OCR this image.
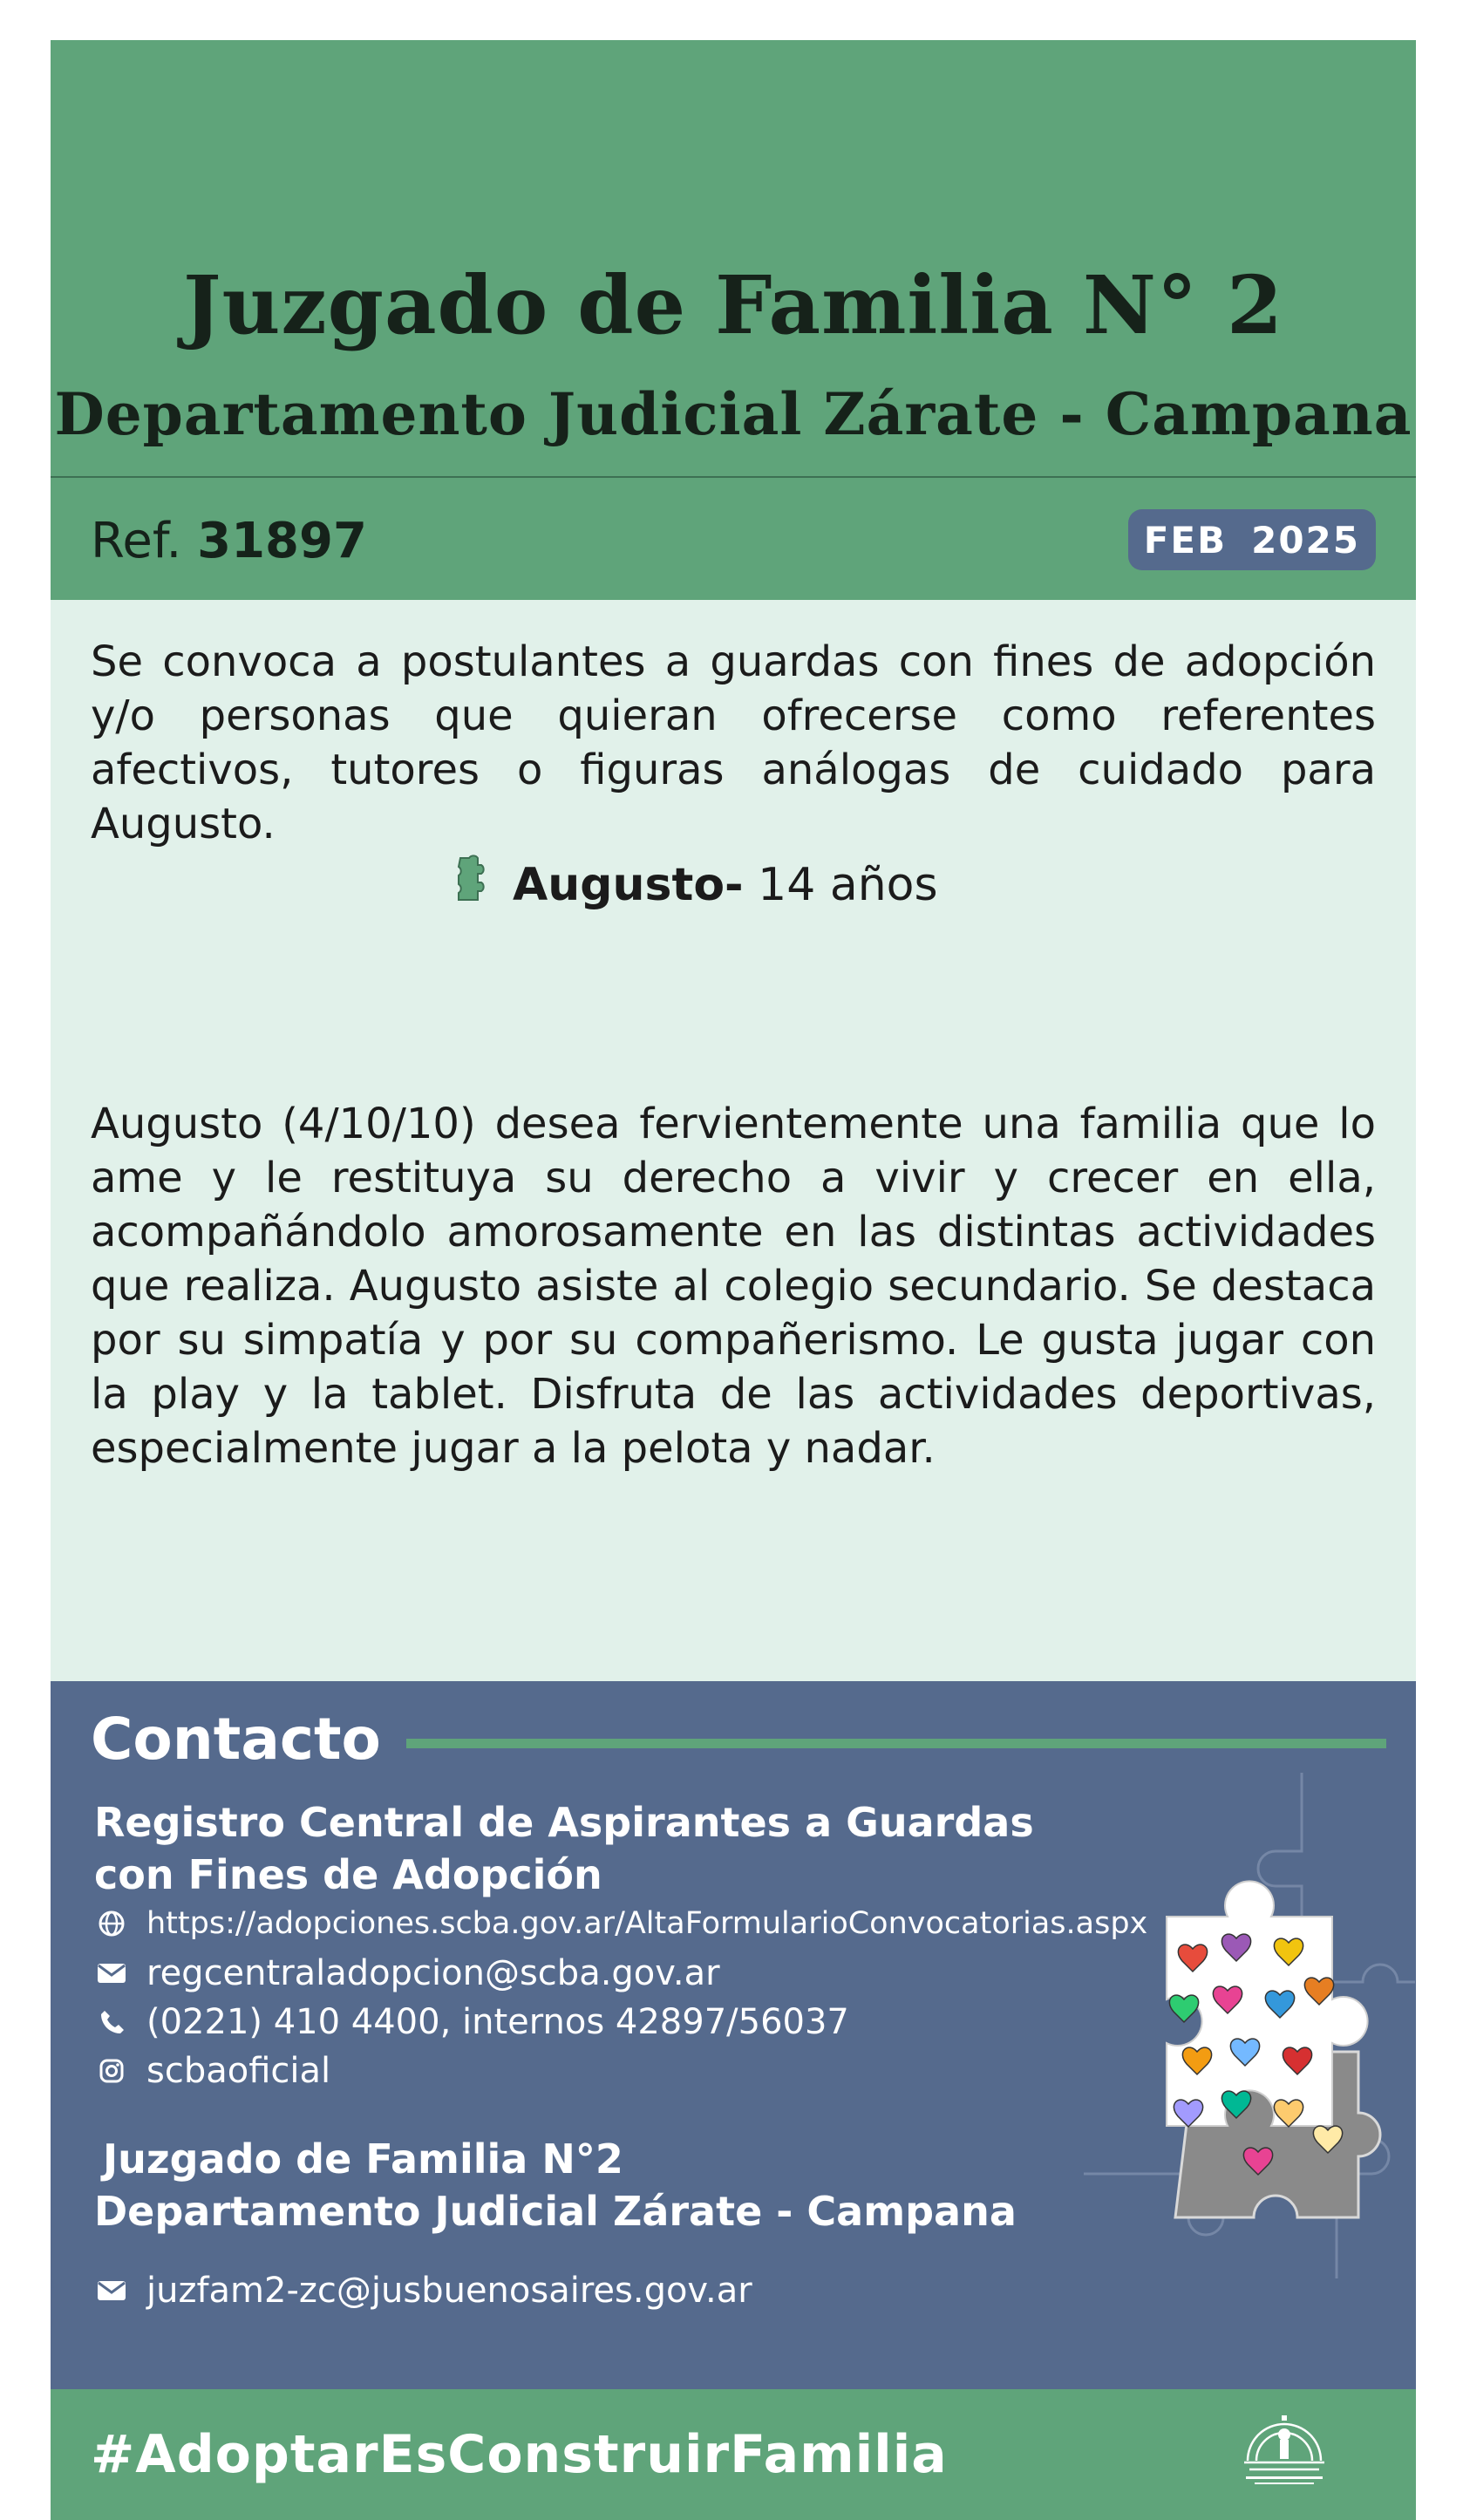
Juzgado de Familia N° 2
Departamento Judicial Zárate - Campana
Ref. 31897	FEB 2025
Se convoca a postulantes a guardas con fines de adopción y/o personas que quieran ofrecerse como referentes afectivos, tutores o figuras análogas de cuidado para Augusto.
Augusto- 14 años
Augusto (4/10/10) desea fervientemente una familia que lo ame y le restituya su derecho a vivir y crecer en ella, acompañándolo amorosamente en las distintas actividades que realiza. Augusto asiste al colegio secundario. Se destaca por su simpatía y por su compañerismo. Le gusta jugar con la play y la tablet. Disfruta de las actividades deportivas, especialmente jugar a la pelota y nadar.
Contacto
Registro Central de Aspirantes a Guardas
con Fines de Adopción
https://adopciones.scba.gov.ar/AltaFormularioConvocatorias.aspx
regcentraladopcion@scba.gov.ar
(0221) 410 4400, internos 42897/56037
scbaoficial
Juzgado de Familia N°2
Departamento Judicial Zárate - Campana
juzfam2-zc@jusbuenosaires.gov.ar
#AdoptarEsConstruirFamilia
